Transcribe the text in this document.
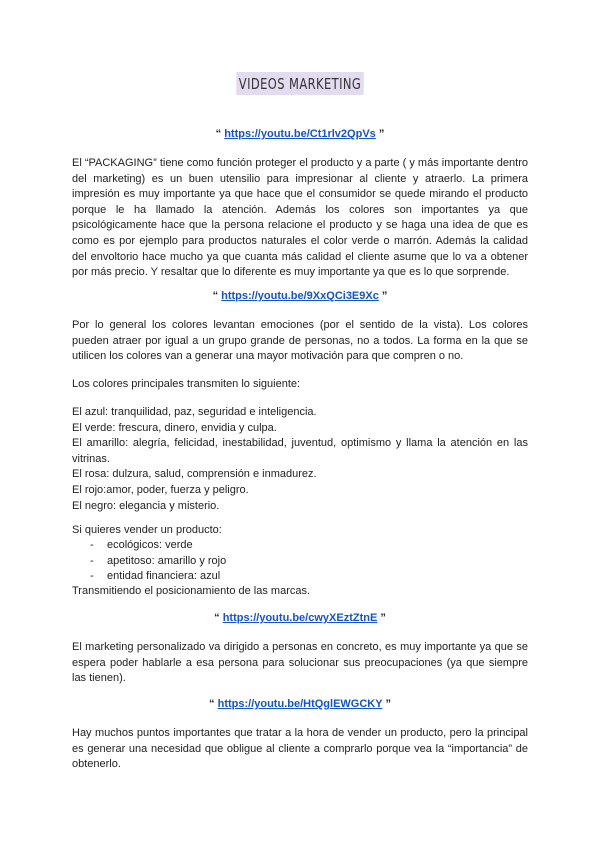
VIDEOS MARKETING
“ https://youtu.be/Ct1rlv2QpVs ”

El “PACKAGING” tiene como función proteger el producto y a parte ( y más importante dentro del marketing) es un buen utensilio para impresionar al cliente y atraerlo. La primera impresión es muy importante ya que hace que el consumidor se quede mirando el producto porque le ha llamado la atención. Además los colores son importantes ya que psicológicamente hace que la persona relacione el producto y se haga una idea de que es como es por ejemplo para productos naturales el color verde o marrón. Además la calidad del envoltorio hace mucho ya que cuanta más calidad el cliente asume que lo va a obtener por más precio. Y resaltar que lo diferente es muy importante ya que es lo que sorprende.

“ https://youtu.be/9XxQCi3E9Xc ”

Por lo general los colores levantan emociones (por el sentido de la vista). Los colores pueden atraer por igual a un grupo grande de personas, no a todos. La forma en la que se utilicen los colores van a generar una mayor motivación para que compren o no.

Los colores principales transmiten lo siguiente:

El azul: tranquilidad, paz, seguridad e inteligencia.

El verde: frescura, dinero, envidia y culpa.

El amarillo: alegría, felicidad, inestabilidad, juventud, optimismo y llama la atención en las vitrinas.

El rosa: dulzura, salud, comprensión e inmadurez.

El rojo:amor, poder, fuerza y peligro.

El negro: elegancia y misterio.

Si quieres vender un producto:

-	ecológicos: verde
-	apetitoso: amarillo y rojo
-	entidad financiera: azul

Transmitiendo el posicionamiento de las marcas.

“ https://youtu.be/cwyXEztZtnE ”

El marketing personalizado va dirigido a personas en concreto, es muy importante ya que se espera poder hablarle a esa persona para solucionar sus preocupaciones (ya que siempre las tienen).

“ https://youtu.be/HtQglEWGCKY ”

Hay muchos puntos importantes que tratar a la hora de vender un producto, pero la principal es generar una necesidad que obligue al cliente a comprarlo porque vea la “importancia” de obtenerlo.
